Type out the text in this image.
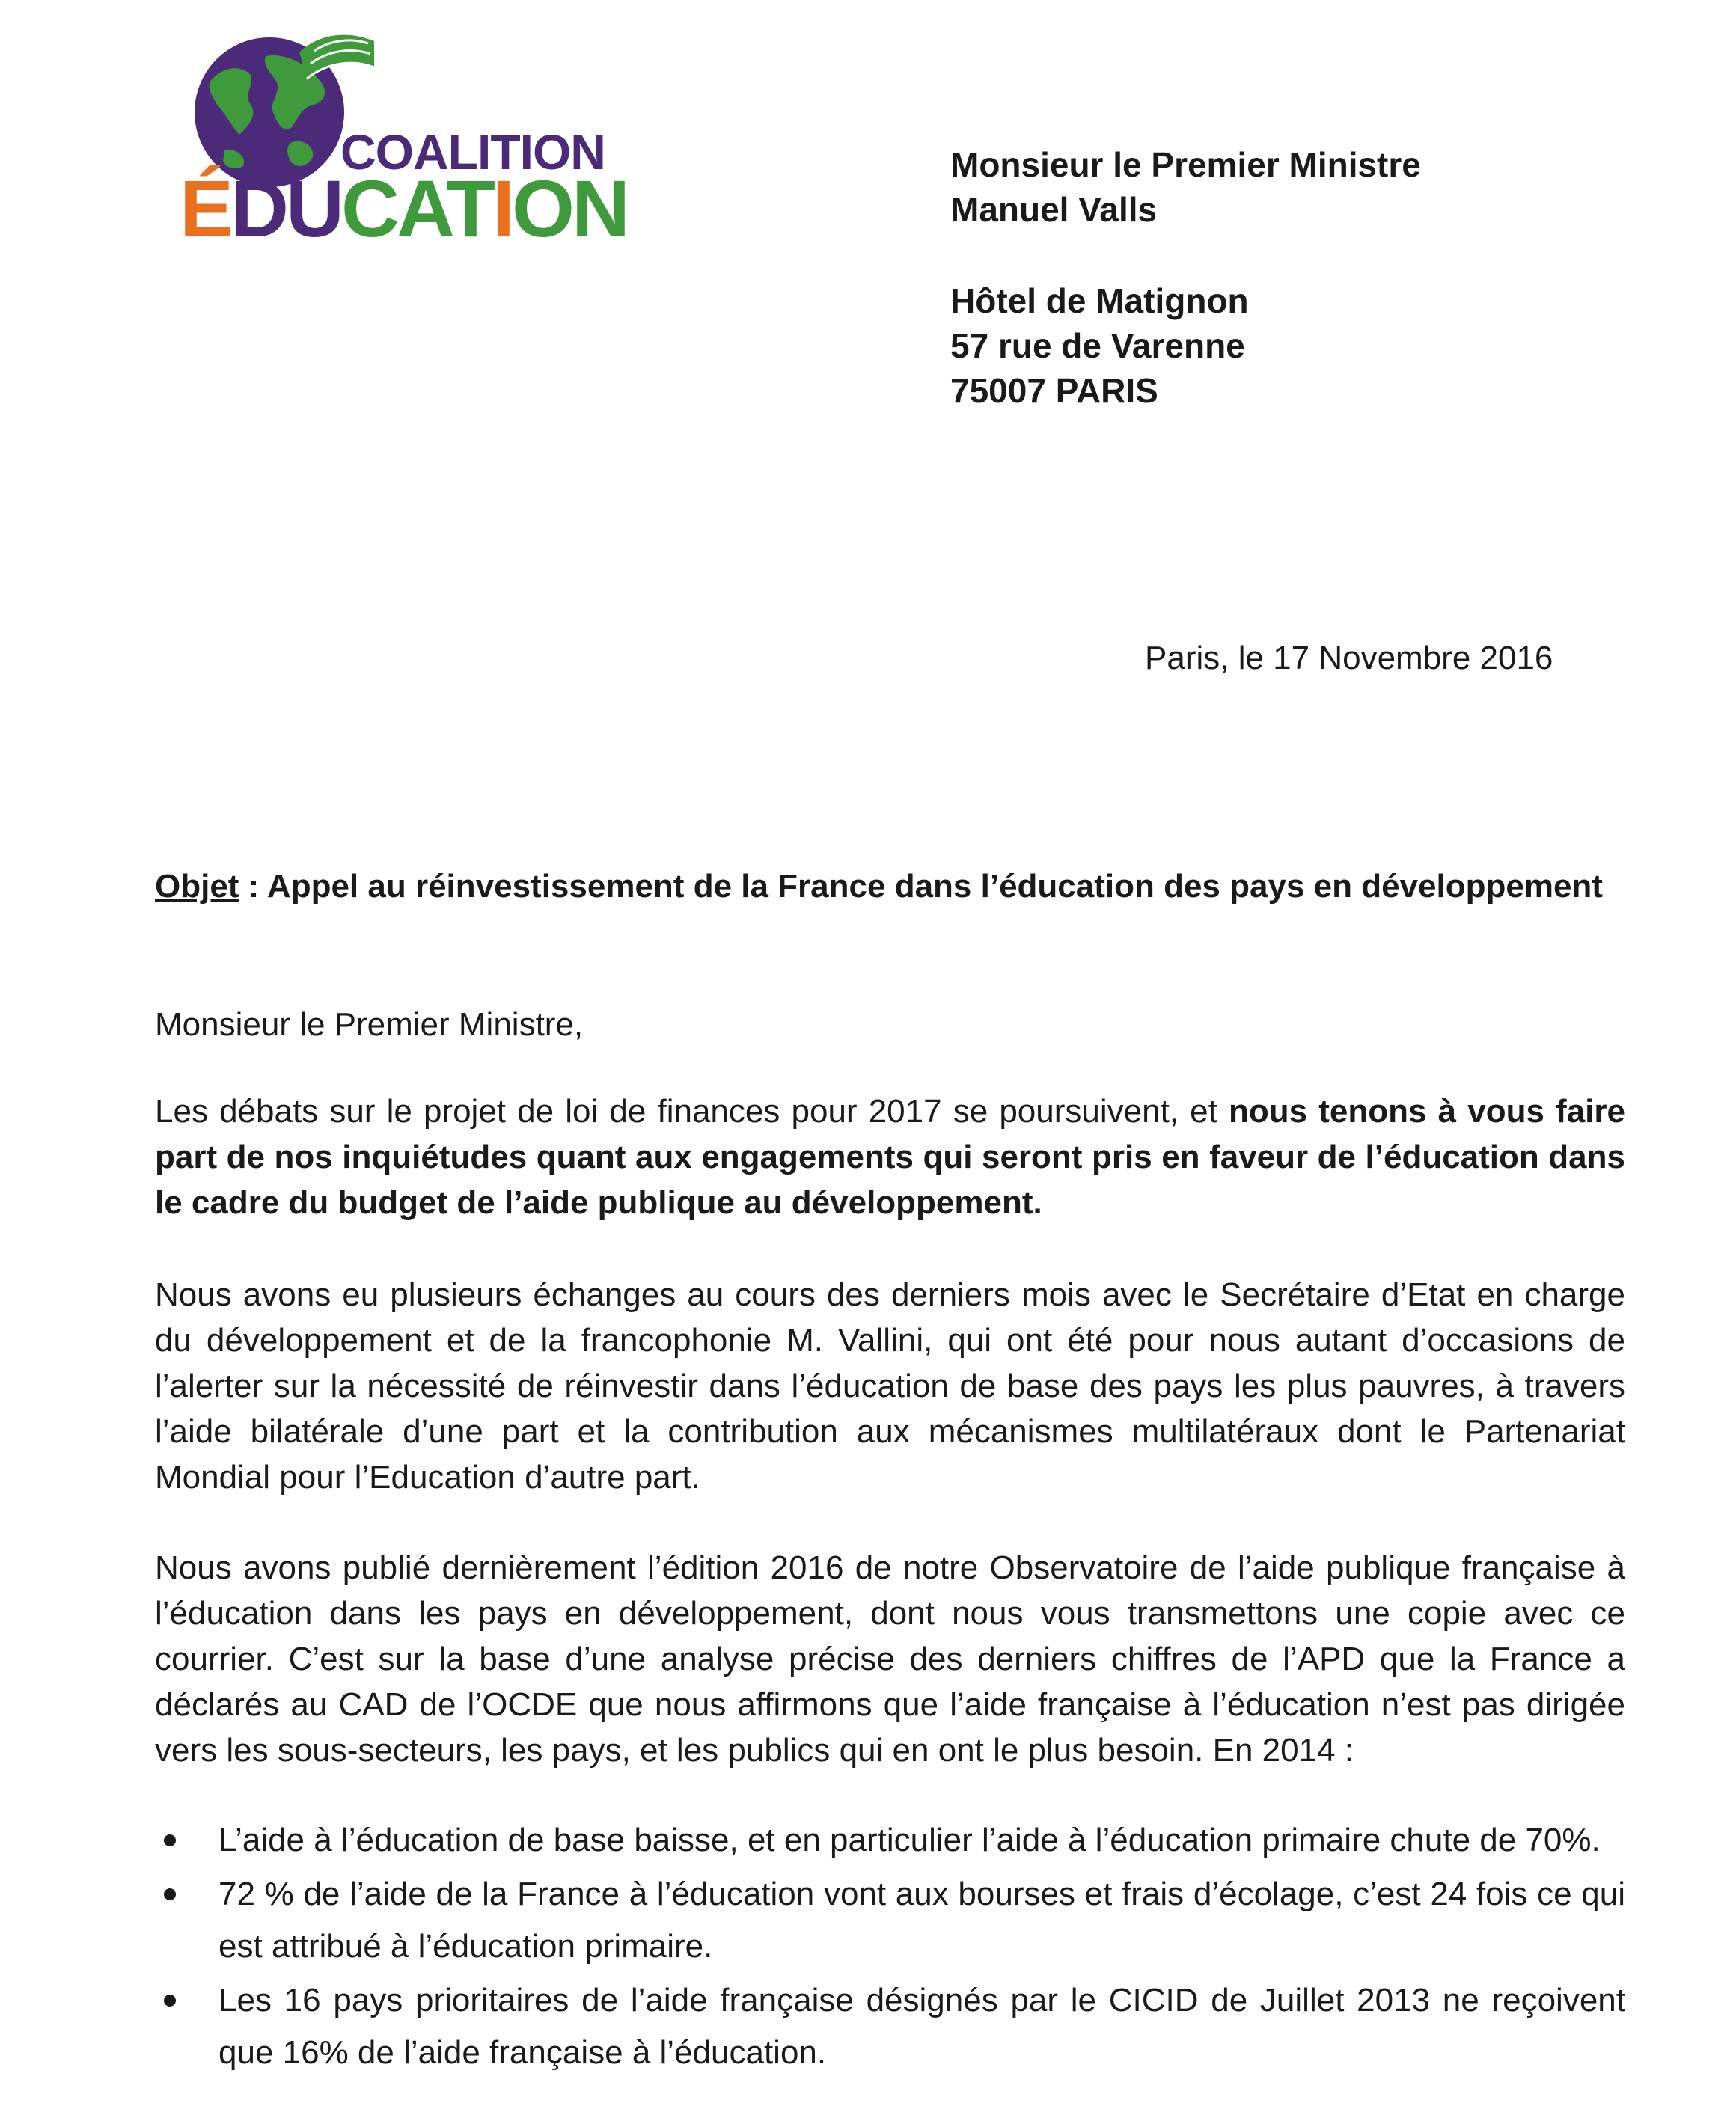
COALITION
ÉDUCATION	Monsieur le Premier Ministre
Manuel Valls
Hôtel de Matignon
57 rue de Varenne
75007 PARIS
Paris, le 17 Novembre 2016
Objet : Appel au réinvestissement de la France dans l’éducation des pays en développement
Monsieur le Premier Ministre,
Les débats sur le projet de loi de finances pour 2017 se poursuivent, et nous tenons à vous faire part de nos inquiétudes quant aux engagements qui seront pris en faveur de l’éducation dans le cadre du budget de l’aide publique au développement.
Nous avons eu plusieurs échanges au cours des derniers mois avec le Secrétaire d’Etat en charge du développement et de la francophonie M. Vallini, qui ont été pour nous autant d’occasions de l’alerter sur la nécessité de réinvestir dans l’éducation de base des pays les plus pauvres, à travers l’aide bilatérale d’une part et la contribution aux mécanismes multilatéraux dont le Partenariat Mondial pour l’Education d’autre part.
Nous avons publié dernièrement l’édition 2016 de notre Observatoire de l’aide publique française à l’éducation dans les pays en développement, dont nous vous transmettons une copie avec ce courrier. C’est sur la base d’une analyse précise des derniers chiffres de l’APD que la France a déclarés au CAD de l’OCDE que nous affirmons que l’aide française à l’éducation n’est pas dirigée vers les sous-secteurs, les pays, et les publics qui en ont le plus besoin. En 2014 :
L’aide à l’éducation de base baisse, et en particulier l’aide à l’éducation primaire chute de 70%.
72 % de l’aide de la France à l’éducation vont aux bourses et frais d’écolage, c’est 24 fois ce qui est attribué à l’éducation primaire.
Les 16 pays prioritaires de l’aide française désignés par le CICID de Juillet 2013 ne reçoivent que 16% de l’aide française à l’éducation.
